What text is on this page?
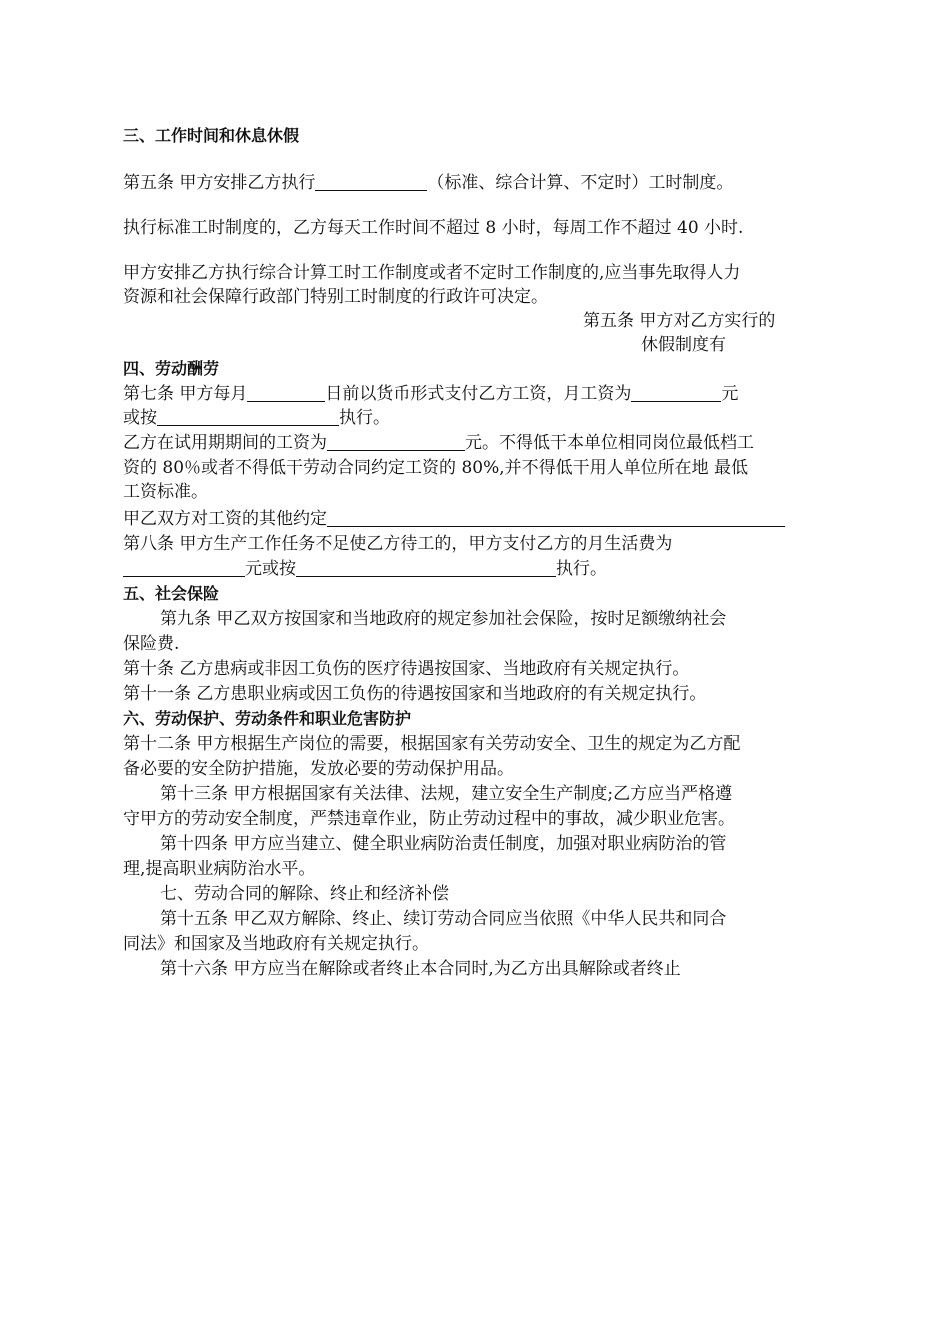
三、工作时间和休息休假
第五条 甲方安排乙方执行	（标准、综合计算、不定时）工时制度。
执行标准工时制度的，乙方每天工作时间不超过 8 小时，每周工作不超过 40 小时.
甲方安排乙方执行综合计算工时工作制度或者不定时工作制度的,应当事先取得人力
资源和社会保障行政部门特别工时制度的行政许可决定。
第五条 甲方对乙方实行的
休假制度有
四、劳动酬劳
第七条 甲方每月	日前以货币形式支付乙方工资，月工资为	元
或按	执行。
乙方在试用期期间的工资为	元。不得低干本单位相同岗位最低档工
资的 80％或者不得低干劳动合同约定工资的 80%,并不得低干用人单位所在地 最低
工资标准。
甲乙双方对工资的其他约定
第八条 甲方生产工作任务不足使乙方待工的，甲方支付乙方的月生活费为
元或按	执行。
五、社会保险
第九条 甲乙双方按国家和当地政府的规定参加社会保险，按时足额缴纳社会
保险费.
第十条 乙方患病或非因工负伤的医疗待遇按国家、当地政府有关规定执行。
第十一条 乙方患职业病或因工负伤的待遇按国家和当地政府的有关规定执行。
六、劳动保护、劳动条件和职业危害防护
第十二条 甲方根据生产岗位的需要，根据国家有关劳动安全、卫生的规定为乙方配
备必要的安全防护措施，发放必要的劳动保护用品。
第十三条 甲方根据国家有关法律、法规，建立安全生产制度;乙方应当严格遵
守甲方的劳动安全制度，严禁违章作业，防止劳动过程中的事故，减少职业危害。
第十四条 甲方应当建立、健全职业病防治责任制度，加强对职业病防治的管
理,提高职业病防治水平。
七、劳动合同的解除、终止和经济补偿
第十五条 甲乙双方解除、终止、续订劳动合同应当依照《中华人民共和同合
同法》和国家及当地政府有关规定执行。
第十六条 甲方应当在解除或者终止本合同时,为乙方出具解除或者终止
